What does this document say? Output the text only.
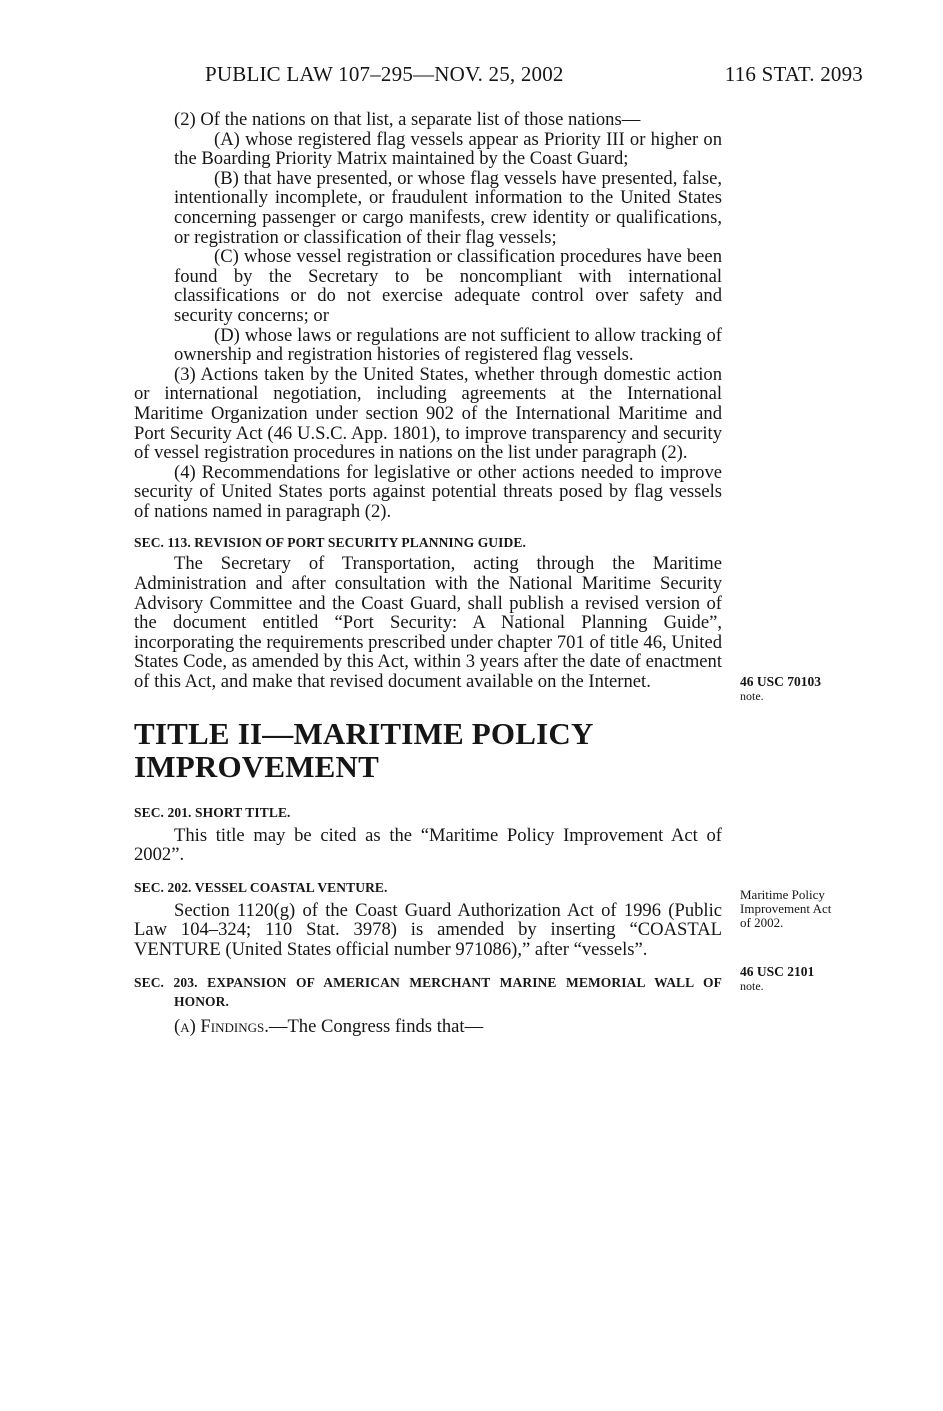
PUBLIC LAW 107–295—NOV. 25, 2002	116 STAT. 2093

(2) Of the nations on that list, a separate list of those nations—

(A) whose registered flag vessels appear as Priority III or higher on the Boarding Priority Matrix maintained by the Coast Guard;

(B) that have presented, or whose flag vessels have presented, false, intentionally incomplete, or fraudulent information to the United States concerning passenger or cargo manifests, crew identity or qualifications, or registration or classification of their flag vessels;

(C) whose vessel registration or classification procedures have been found by the Secretary to be noncompliant with international classifications or do not exercise adequate control over safety and security concerns; or

(D) whose laws or regulations are not sufficient to allow tracking of ownership and registration histories of registered flag vessels.

(3) Actions taken by the United States, whether through domestic action or international negotiation, including agreements at the International Maritime Organization under section 902 of the International Maritime and Port Security Act (46 U.S.C. App. 1801), to improve transparency and security of vessel registration procedures in nations on the list under paragraph (2).

(4) Recommendations for legislative or other actions needed to improve security of United States ports against potential threats posed by flag vessels of nations named in paragraph (2).

SEC. 113. REVISION OF PORT SECURITY PLANNING GUIDE.

The Secretary of Transportation, acting through the Maritime Administration and after consultation with the National Maritime Security Advisory Committee and the Coast Guard, shall publish a revised version of the document entitled “Port Security: A National Planning Guide”, incorporating the requirements prescribed under chapter 701 of title 46, United States Code, as amended by this Act, within 3 years after the date of enactment of this Act, and make that revised document available on the Internet.

TITLE II—MARITIME POLICY

IMPROVEMENT

SEC. 201. SHORT TITLE.

This title may be cited as the “Maritime Policy Improvement Act of 2002”.

SEC. 202. VESSEL COASTAL VENTURE.

Section 1120(g) of the Coast Guard Authorization Act of 1996 (Public Law 104–324; 110 Stat. 3978) is amended by inserting “COASTAL VENTURE (United States official number 971086),” after “vessels”.

SEC. 203. EXPANSION OF AMERICAN MERCHANT MARINE MEMORIAL WALL OF HONOR.

(a) Findings.—The Congress finds that—

46 USC 70103
note.
Maritime Policy
Improvement Act
of 2002.
46 USC 2101
note.
